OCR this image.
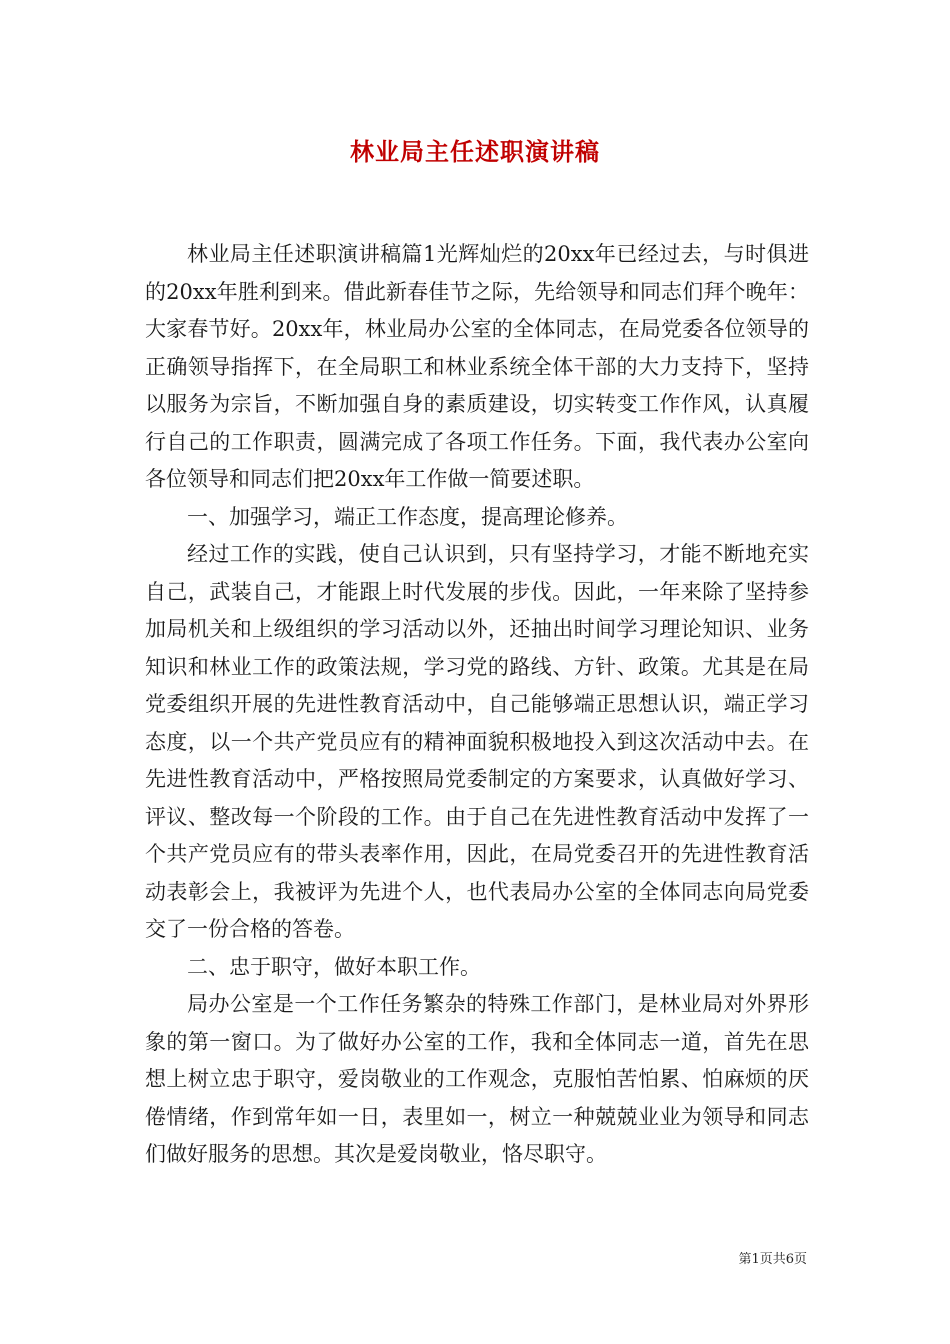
林业局主任述职演讲稿

林业局主任述职演讲稿篇1光辉灿烂的20xx年已经过去，与时俱进的20xx年胜利到来。借此新春佳节之际，先给领导和同志们拜个晚年：大家春节好。20xx年，林业局办公室的全体同志，在局党委各位领导的正确领导指挥下，在全局职工和林业系统全体干部的大力支持下，坚持以服务为宗旨，不断加强自身的素质建设，切实转变工作作风，认真履行自己的工作职责，圆满完成了各项工作任务。下面，我代表办公室向各位领导和同志们把20xx年工作做一简要述职。

一、加强学习，端正工作态度，提高理论修养。

经过工作的实践，使自己认识到，只有坚持学习，才能不断地充实自己，武装自己，才能跟上时代发展的步伐。因此，一年来除了坚持参加局机关和上级组织的学习活动以外，还抽出时间学习理论知识、业务知识和林业工作的政策法规，学习党的路线、方针、政策。尤其是在局党委组织开展的先进性教育活动中，自己能够端正思想认识，端正学习态度，以一个共产党员应有的精神面貌积极地投入到这次活动中去。在先进性教育活动中，严格按照局党委制定的方案要求，认真做好学习、评议、整改每一个阶段的工作。由于自己在先进性教育活动中发挥了一个共产党员应有的带头表率作用，因此，在局党委召开的先进性教育活动表彰会上，我被评为先进个人，也代表局办公室的全体同志向局党委交了一份合格的答卷。

二、忠于职守，做好本职工作。

局办公室是一个工作任务繁杂的特殊工作部门，是林业局对外界形象的第一窗口。为了做好办公室的工作，我和全体同志一道，首先在思想上树立忠于职守，爱岗敬业的工作观念，克服怕苦怕累、怕麻烦的厌倦情绪，作到常年如一日，表里如一，树立一种兢兢业业为领导和同志们做好服务的思想。其次是爱岗敬业，恪尽职守。

第1页共6页
